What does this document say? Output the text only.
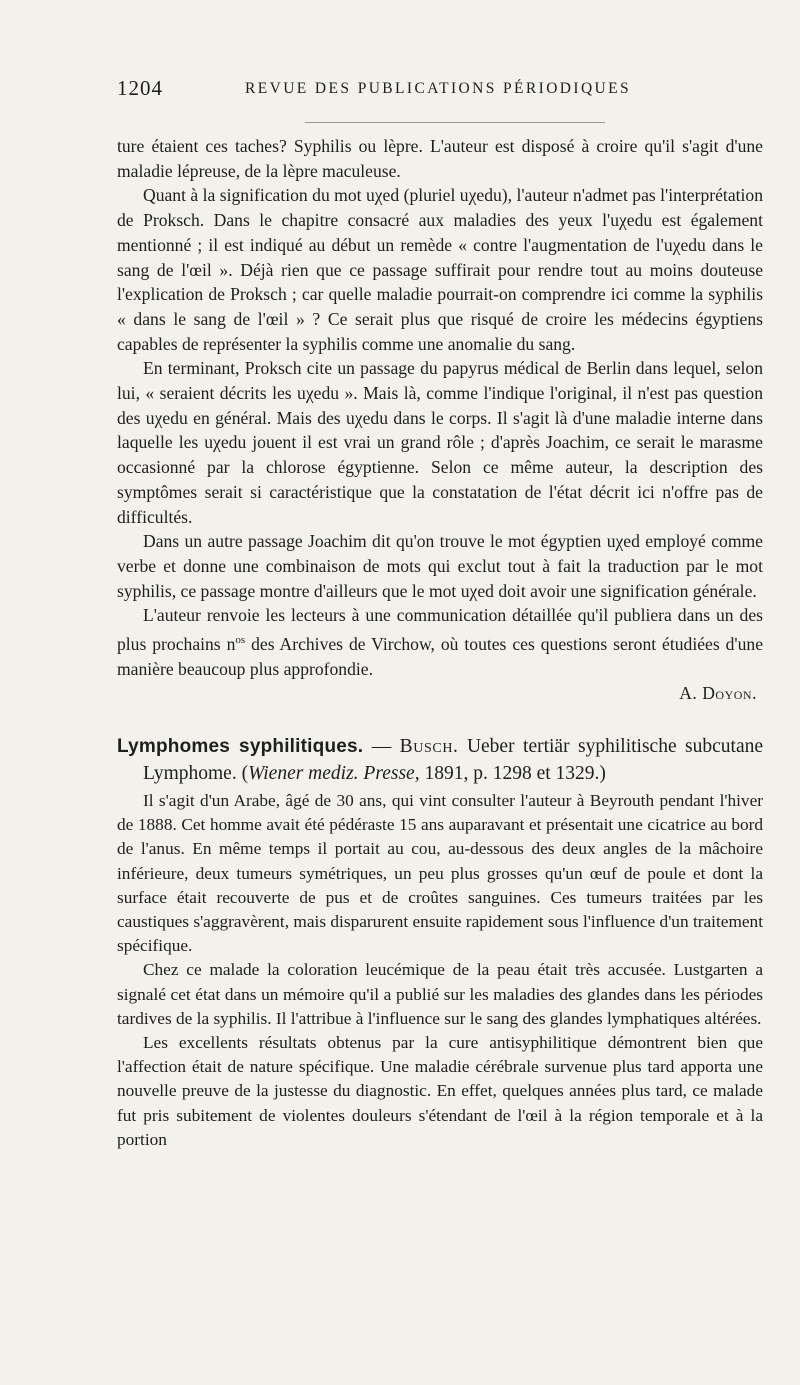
1204	REVUE DES PUBLICATIONS PÉRIODIQUES

ture étaient ces taches? Syphilis ou lèpre. L'auteur est disposé à croire qu'il s'agit d'une maladie lépreuse, de la lèpre maculeuse.

Quant à la signification du mot uχed (pluriel uχedu), l'auteur n'admet pas l'interprétation de Proksch. Dans le chapitre consacré aux maladies des yeux l'uχedu est également mentionné ; il est indiqué au début un remède « contre l'augmentation de l'uχedu dans le sang de l'œil ». Déjà rien que ce passage suffirait pour rendre tout au moins douteuse l'explication de Proksch ; car quelle maladie pourrait-on comprendre ici comme la syphilis « dans le sang de l'œil » ? Ce serait plus que risqué de croire les médecins égyptiens capables de représenter la syphilis comme une anomalie du sang.

En terminant, Proksch cite un passage du papyrus médical de Berlin dans lequel, selon lui, « seraient décrits les uχedu ». Mais là, comme l'indique l'original, il n'est pas question des uχedu en général. Mais des uχedu dans le corps. Il s'agit là d'une maladie interne dans laquelle les uχedu jouent il est vrai un grand rôle ; d'après Joachim, ce serait le marasme occasionné par la chlorose égyptienne. Selon ce même auteur, la description des symptômes serait si caractéristique que la constatation de l'état décrit ici n'offre pas de difficultés.

Dans un autre passage Joachim dit qu'on trouve le mot égyptien uχed employé comme verbe et donne une combinaison de mots qui exclut tout à fait la traduction par le mot syphilis, ce passage montre d'ailleurs que le mot uχed doit avoir une signification générale.

L'auteur renvoie les lecteurs à une communication détaillée qu'il publiera dans un des plus prochains $n^{os}$ des Archives de Virchow, où toutes ces questions seront étudiées d'une manière beaucoup plus approfondie.

A. Doyon.

Lymphomes syphilitiques. — Busch. Ueber tertiär syphilitische subcutane Lymphome. (Wiener mediz. Presse, 1891, p. 1298 et 1329.)

Il s'agit d'un Arabe, âgé de 30 ans, qui vint consulter l'auteur à Beyrouth pendant l'hiver de 1888. Cet homme avait été pédéraste 15 ans auparavant et présentait une cicatrice au bord de l'anus. En même temps il portait au cou, au-dessous des deux angles de la mâchoire inférieure, deux tumeurs symétriques, un peu plus grosses qu'un œuf de poule et dont la surface était recouverte de pus et de croûtes sanguines. Ces tumeurs traitées par les caustiques s'aggravèrent, mais disparurent ensuite rapidement sous l'influence d'un traitement spécifique.

Chez ce malade la coloration leucémique de la peau était très accusée. Lustgarten a signalé cet état dans un mémoire qu'il a publié sur les maladies des glandes dans les périodes tardives de la syphilis. Il l'attribue à l'influence sur le sang des glandes lymphatiques altérées.

Les excellents résultats obtenus par la cure antisyphilitique démontrent bien que l'affection était de nature spécifique. Une maladie cérébrale survenue plus tard apporta une nouvelle preuve de la justesse du diagnostic. En effet, quelques années plus tard, ce malade fut pris subitement de violentes douleurs s'étendant de l'œil à la région temporale et à la portion
